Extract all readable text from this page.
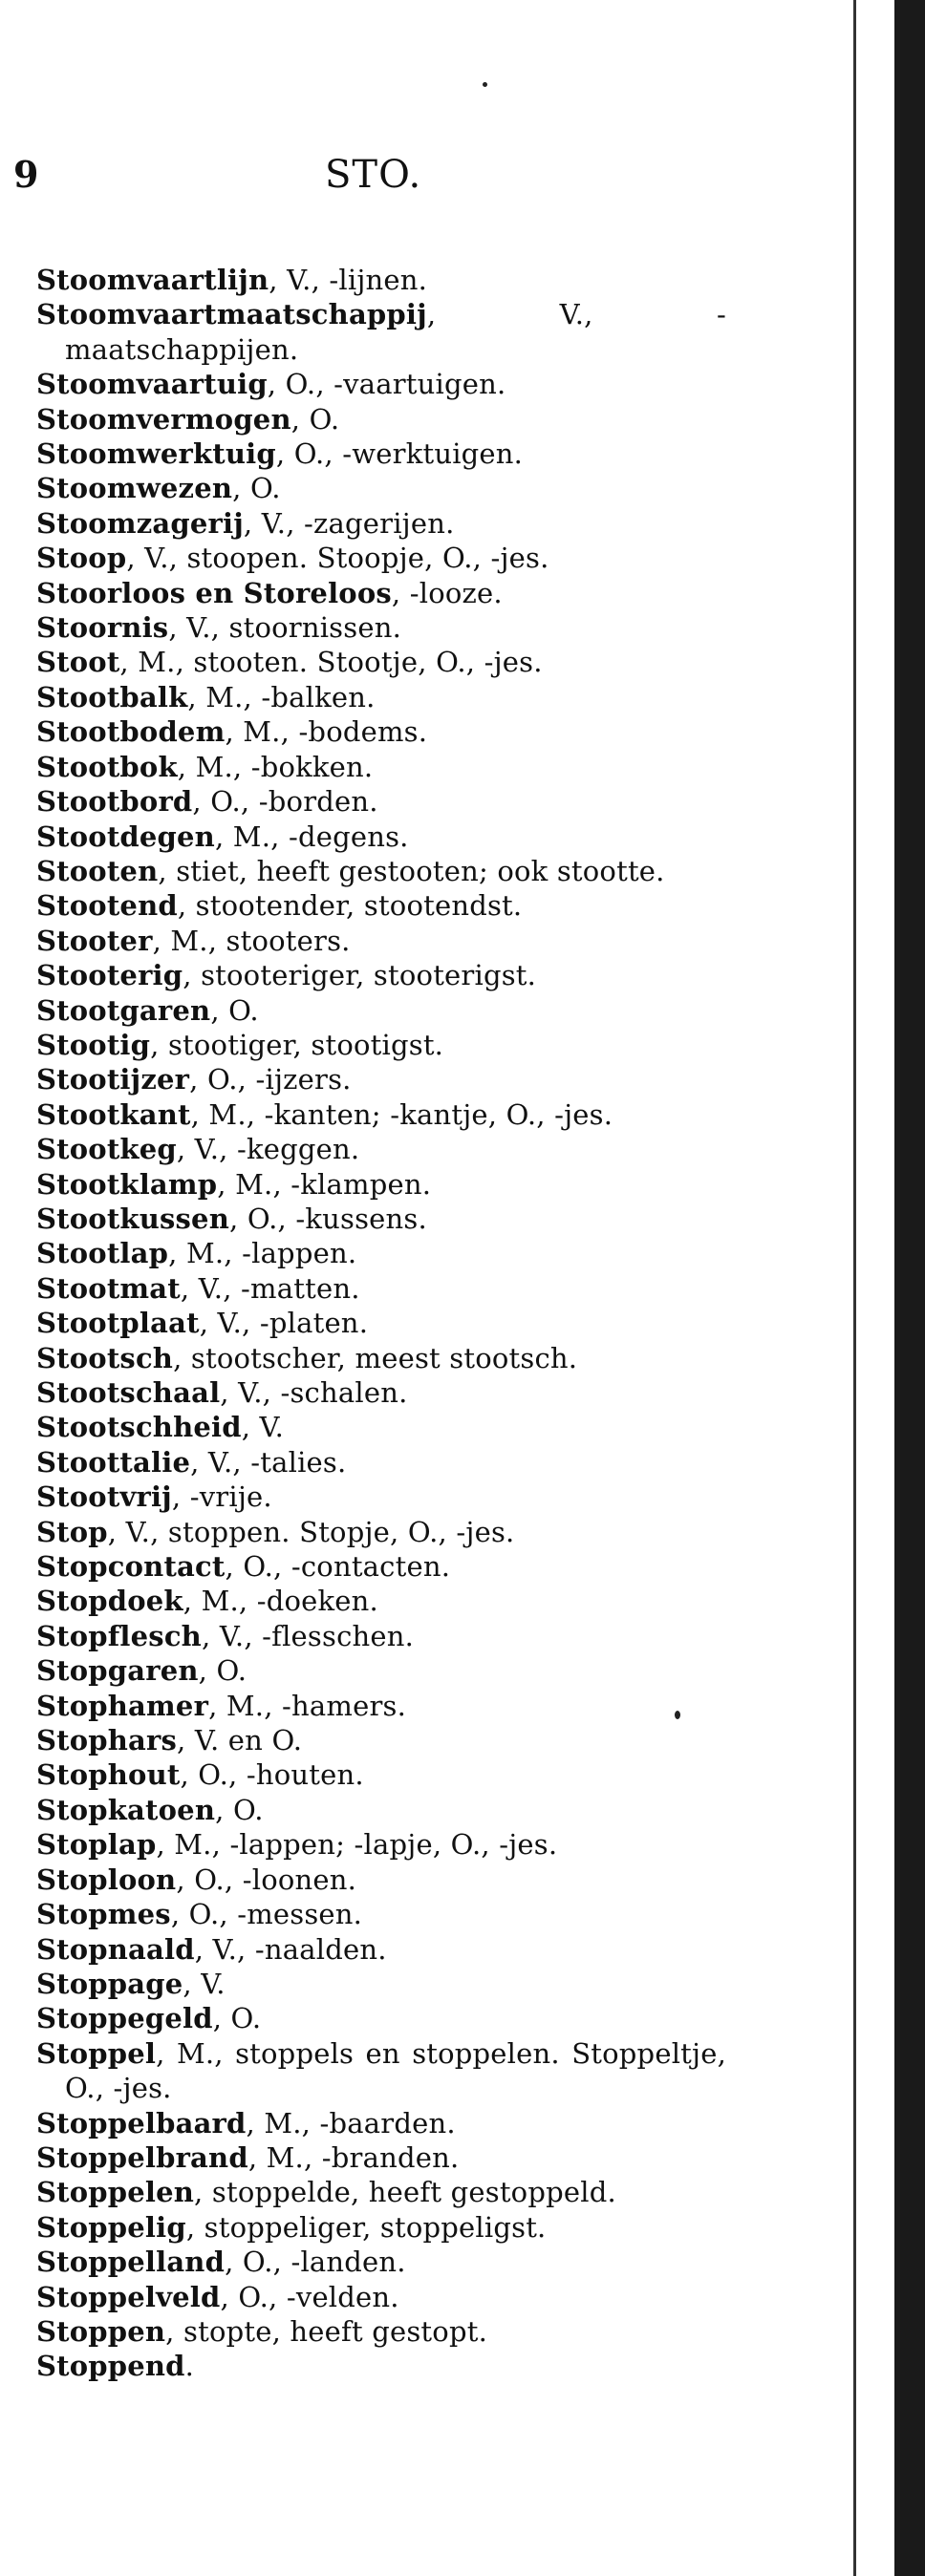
9	STO.
Stoomvaartlijn, V., -lijnen.
Stoomvaartmaatschappij, V., -maatschappijen.
Stoomvaartuig, O., -vaartuigen.
Stoomvermogen, O.
Stoomwerktuig, O., -werktuigen.
Stoomwezen, O.
Stoomzagerij, V., -zagerijen.
Stoop, V., stoopen. Stoopje, O., -jes.
Stoorloos en Storeloos, -looze.
Stoornis, V., stoornissen.
Stoot, M., stooten. Stootje, O., -jes.
Stootbalk, M., -balken.
Stootbodem, M., -bodems.
Stootbok, M., -bokken.
Stootbord, O., -borden.
Stootdegen, M., -degens.
Stooten, stiet, heeft gestooten; ook stootte.
Stootend, stootender, stootendst.
Stooter, M., stooters.
Stooterig, stooteriger, stooterigst.
Stootgaren, O.
Stootig, stootiger, stootigst.
Stootijzer, O., -ijzers.
Stootkant, M., -kanten; -kantje, O., -jes.
Stootkeg, V., -keggen.
Stootklamp, M., -klampen.
Stootkussen, O., -kussens.
Stootlap, M., -lappen.
Stootmat, V., -matten.
Stootplaat, V., -platen.
Stootsch, stootscher, meest stootsch.
Stootschaal, V., -schalen.
Stootschheid, V.
Stoottalie, V., -talies.
Stootvrij, -vrije.
Stop, V., stoppen. Stopje, O., -jes.
Stopcontact, O., -contacten.
Stopdoek, M., -doeken.
Stopflesch, V., -flesschen.
Stopgaren, O.
Stophamer, M., -hamers.
Stophars, V. en O.
Stophout, O., -houten.
Stopkatoen, O.
Stoplap, M., -lappen; -lapje, O., -jes.
Stoploon, O., -loonen.
Stopmes, O., -messen.
Stopnaald, V., -naalden.
Stoppage, V.
Stoppegeld, O.
Stoppel, M., stoppels en stoppelen. Stoppeltje, O., -jes.
Stoppelbaard, M., -baarden.
Stoppelbrand, M., -branden.
Stoppelen, stoppelde, heeft gestoppeld.
Stoppelig, stoppeliger, stoppeligst.
Stoppelland, O., -landen.
Stoppelveld, O., -velden.
Stoppen, stopte, heeft gestopt.
Stoppend.
